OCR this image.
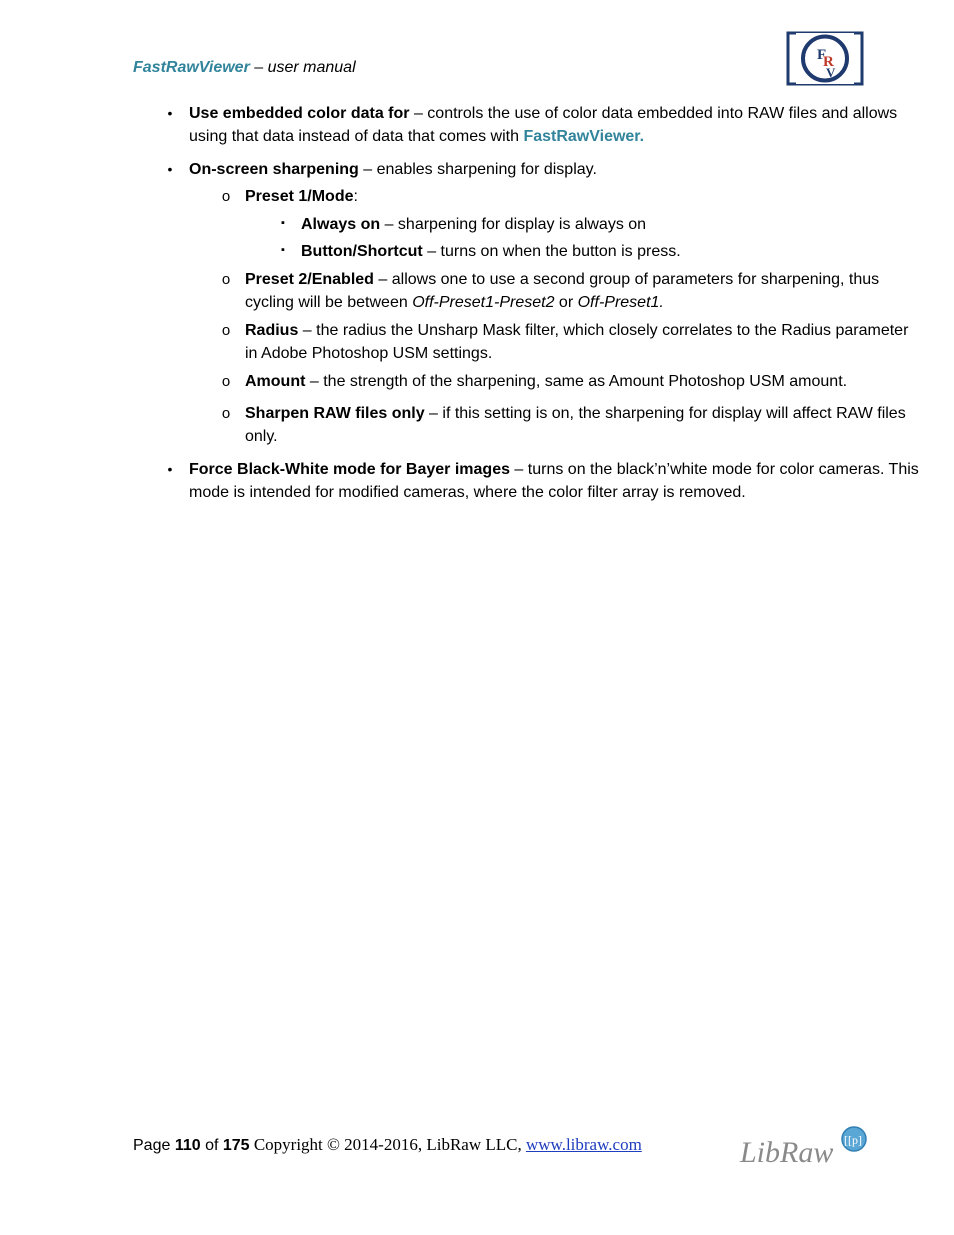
FastRawViewer – user manual
F
R
V
•	Use embedded color data for – controls the use of color data embedded into RAW files and allows using that data instead of data that comes with FastRawViewer.
•	On-screen sharpening – enables sharpening for display.
o Preset 1/Mode:
▪	Always on – sharpening for display is always on
▪	Button/Shortcut – turns on when the button is press.
o Preset 2/Enabled – allows one to use a second group of parameters for sharpening, thus cycling will be between Off-Preset1-Preset2 or Off-Preset1.
o Radius – the radius the Unsharp Mask filter, which closely correlates to the Radius parameter in Adobe Photoshop USM settings.
o Amount – the strength of the sharpening, same as Amount Photoshop USM amount.
o Sharpen RAW files only – if this setting is on, the sharpening for display will affect RAW files only.
•	Force Black-White mode for Bayer images – turns on the black’n’white mode for color cameras. This mode is intended for modified cameras, where the color filter array is removed.
Page 110 of 175 Copyright © 2014-2016, LibRaw LLC, www.libraw.com	LibRaw [[p]
